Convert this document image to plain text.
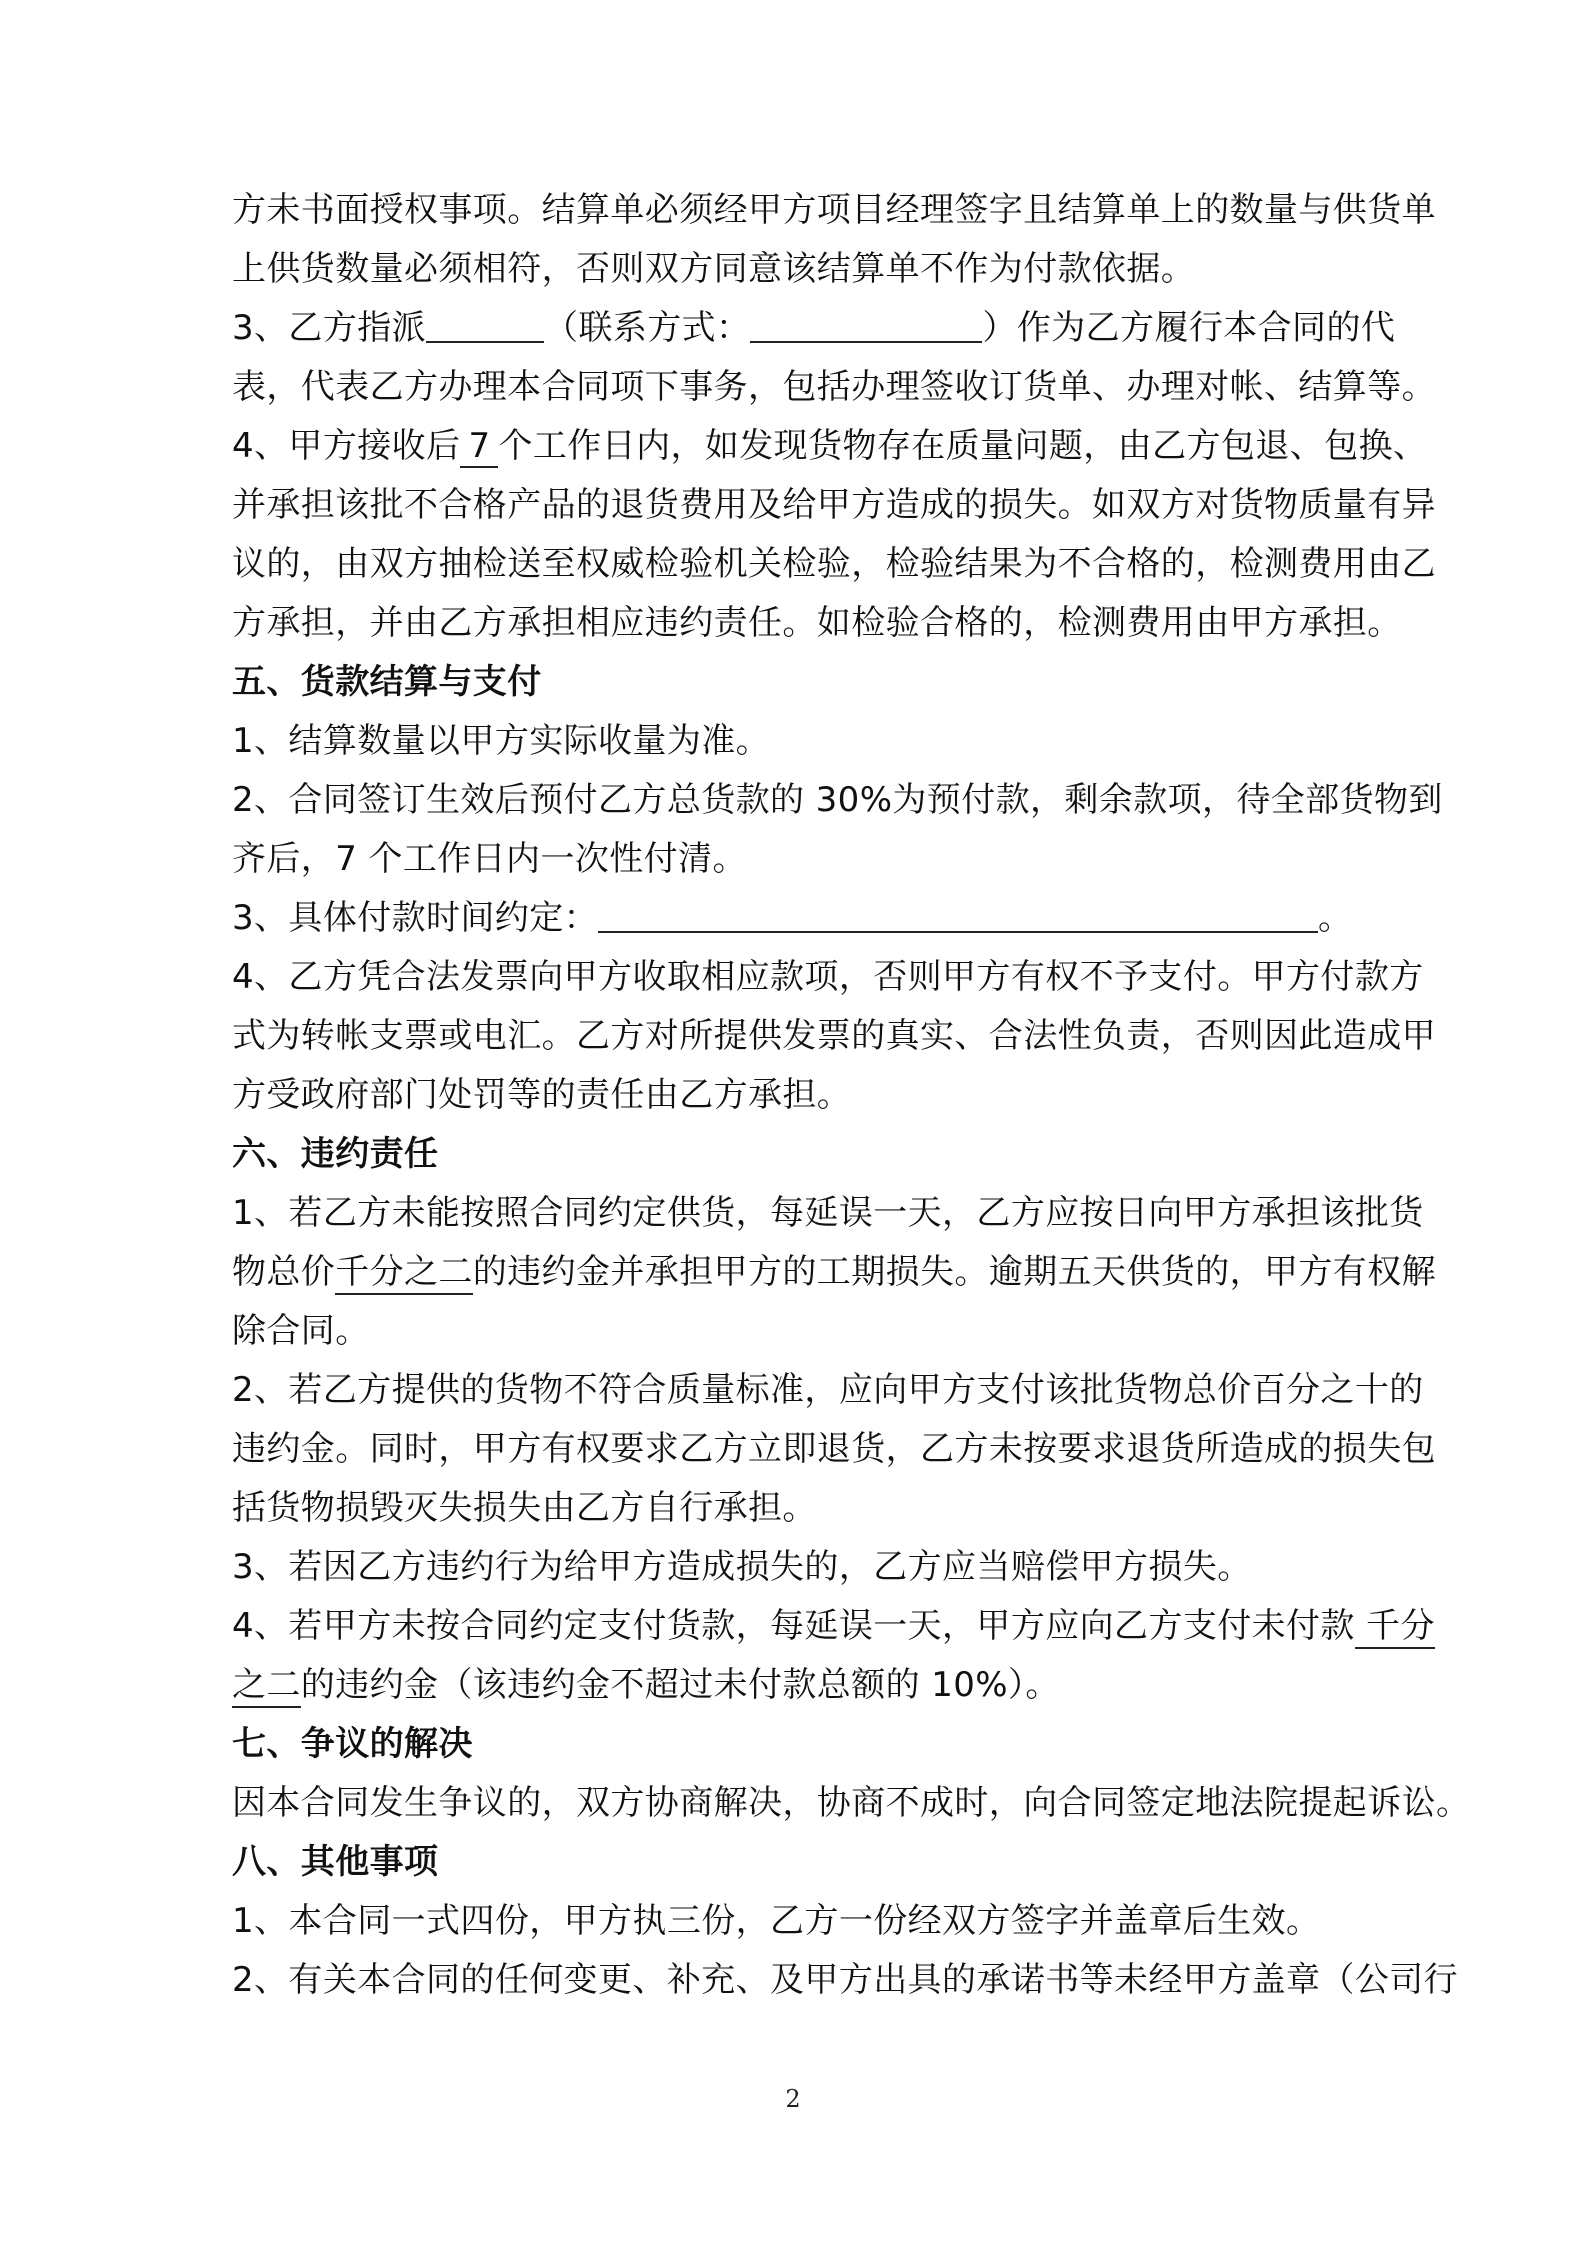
方未书面授权事项。结算单必须经甲方项目经理签字且结算单上的数量与供货单
上供货数量必须相符，否则双方同意该结算单不作为付款依据。
3、乙方指派	（联系方式：	）作为乙方履行本合同的代
表，代表乙方办理本合同项下事务，包括办理签收订货单、办理对帐、结算等。
4、甲方接收后 7 个工作日内，如发现货物存在质量问题，由乙方包退、包换、
并承担该批不合格产品的退货费用及给甲方造成的损失。如双方对货物质量有异
议的，由双方抽检送至权威检验机关检验，检验结果为不合格的，检测费用由乙
方承担，并由乙方承担相应违约责任。如检验合格的，检测费用由甲方承担。
五、货款结算与支付
1、结算数量以甲方实际收量为准。
2、合同签订生效后预付乙方总货款的 30%为预付款，剩余款项，待全部货物到
齐后，7 个工作日内一次性付清。
3、具体付款时间约定：	。
4、乙方凭合法发票向甲方收取相应款项，否则甲方有权不予支付。甲方付款方
式为转帐支票或电汇。乙方对所提供发票的真实、合法性负责，否则因此造成甲
方受政府部门处罚等的责任由乙方承担。
六、违约责任
1、若乙方未能按照合同约定供货，每延误一天，乙方应按日向甲方承担该批货
物总价千分之二的违约金并承担甲方的工期损失。逾期五天供货的，甲方有权解
除合同。
2、若乙方提供的货物不符合质量标准，应向甲方支付该批货物总价百分之十的
违约金。同时，甲方有权要求乙方立即退货，乙方未按要求退货所造成的损失包
括货物损毁灭失损失由乙方自行承担。
3、若因乙方违约行为给甲方造成损失的，乙方应当赔偿甲方损失。
4、若甲方未按合同约定支付货款，每延误一天，甲方应向乙方支付未付款 千分
之二的违约金（该违约金不超过未付款总额的 10%）。
七、争议的解决
因本合同发生争议的，双方协商解决，协商不成时，向合同签定地法院提起诉讼。
八、其他事项
1、本合同一式四份，甲方执三份，乙方一份经双方签字并盖章后生效。
2、有关本合同的任何变更、补充、及甲方出具的承诺书等未经甲方盖章（公司行
2
